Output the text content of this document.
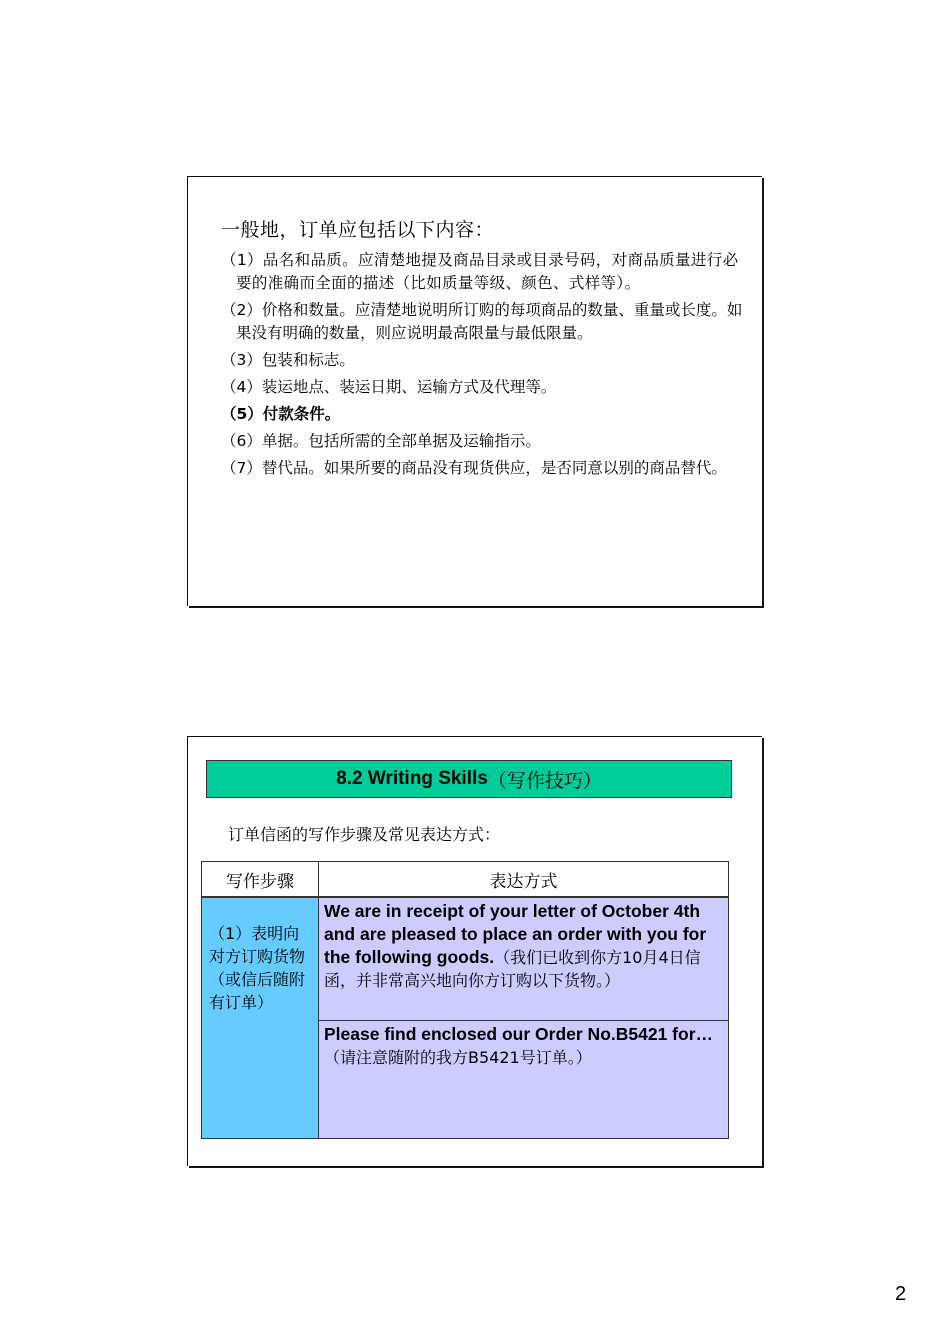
一般地，订单应包括以下内容：

（1）品名和品质。应清楚地提及商品目录或目录号码，对商品质量进行必要的准确而全面的描述（比如质量等级、颜色、式样等）。

（2）价格和数量。应清楚地说明所订购的每项商品的数量、重量或长度。如果没有明确的数量，则应说明最高限量与最低限量。

（3）包装和标志。

（4）装运地点、装运日期、运输方式及代理等。

（5）付款条件。

（6）单据。包括所需的全部单据及运输指示。

（7）替代品。如果所要的商品没有现货供应，是否同意以别的商品替代。

8.2 Writing Skills （写作技巧）
订单信函的写作步骤及常见表达方式：
写作步骤	表达方式
（1）表明向对方订购货物（或信后随附有订单）
We are in receipt of your letter of October 4th and are pleased to place an order with you for the following goods.（我们已收到你方10月4日信函，并非常高兴地向你方订购以下货物。）
Please find enclosed our Order No.B5421 for…（请注意随附的我方B5421号订单。）
2
